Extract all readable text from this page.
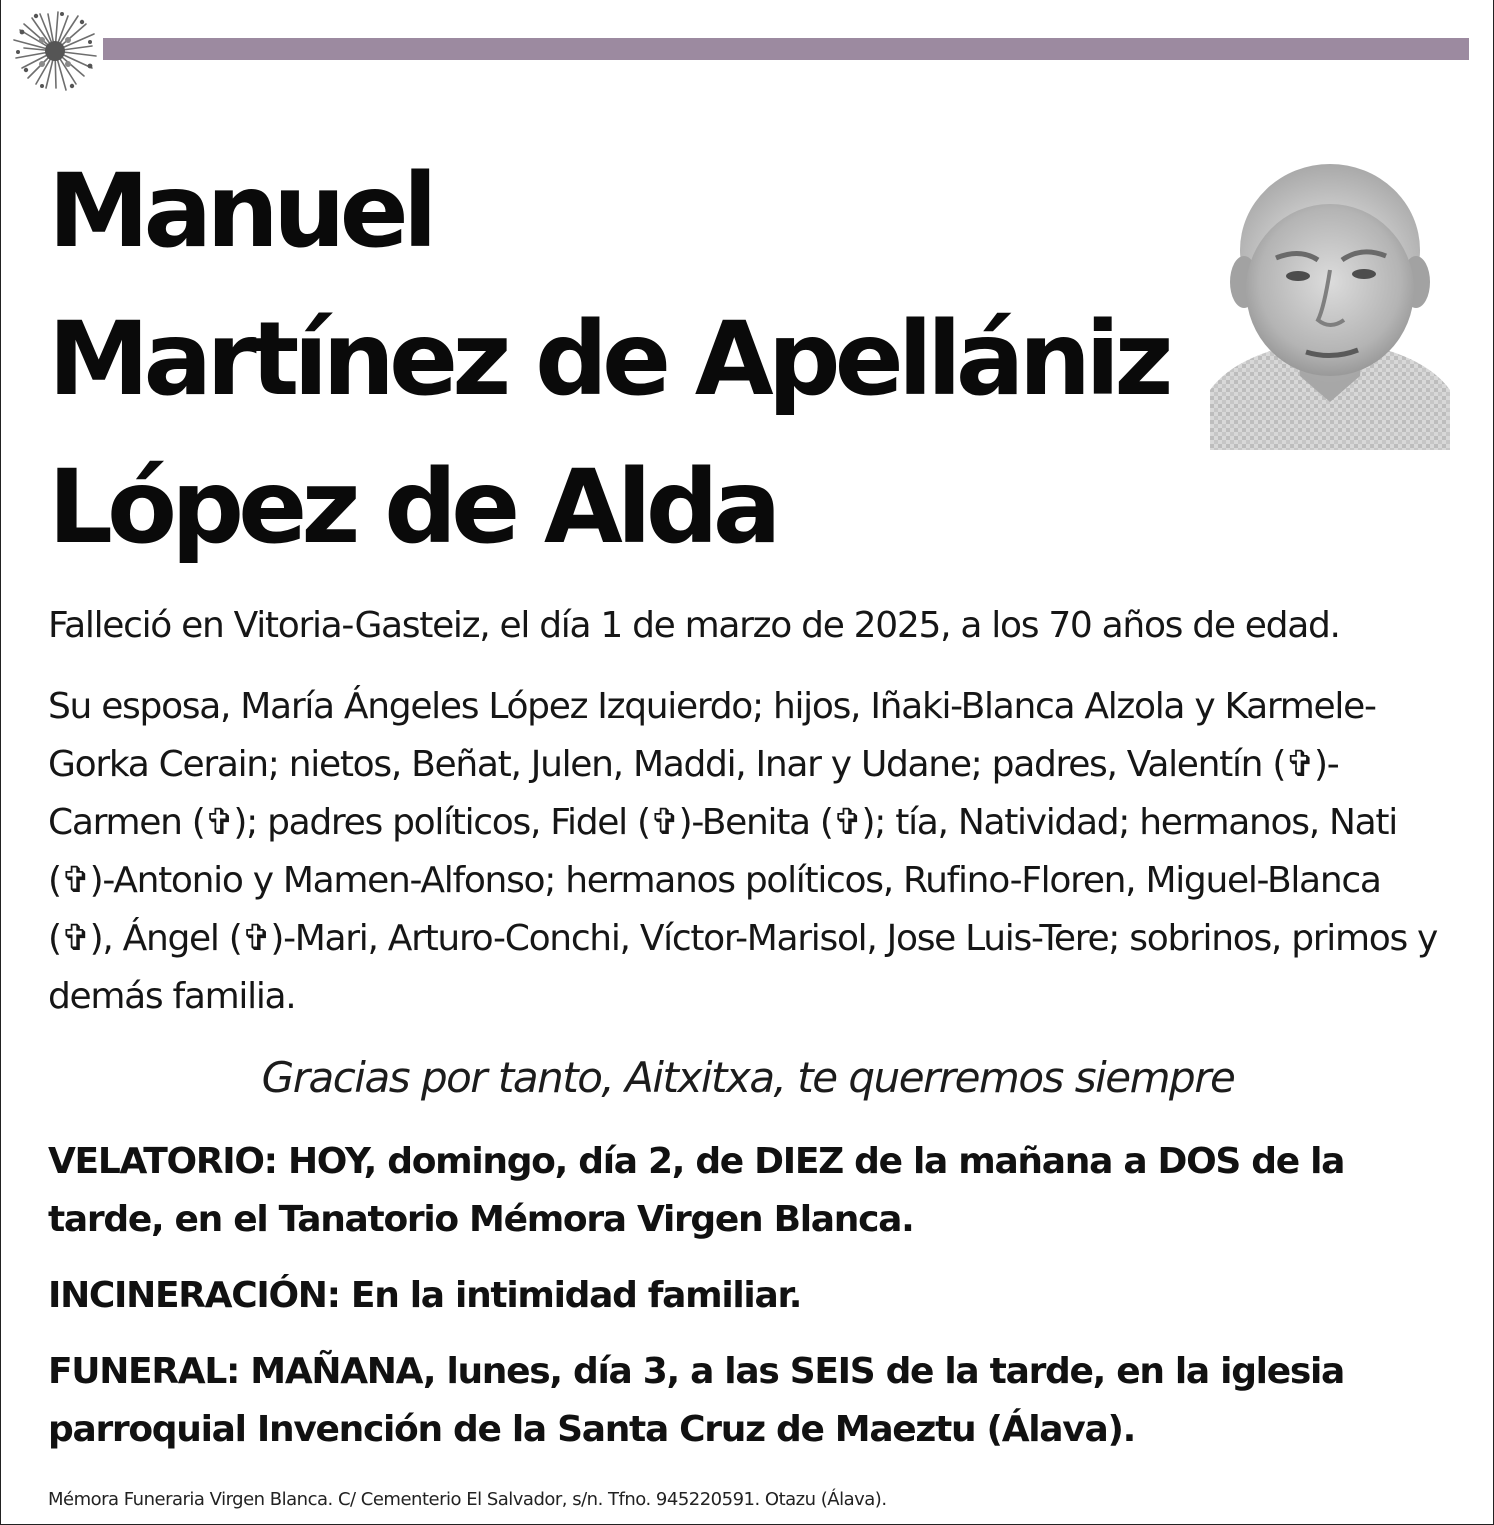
Manuel
Martínez de Apellániz
López de Alda
Falleció en Vitoria-Gasteiz, el día 1 de marzo de 2025, a los 70 años de edad.
Su esposa, María Ángeles López Izquierdo; hijos, Iñaki-Blanca Alzola y Karmele-Gorka Cerain; nietos, Beñat, Julen, Maddi, Inar y Udane; padres, Valentín (✞)-Carmen (✞); padres políticos, Fidel (✞)-Benita (✞); tía, Natividad; hermanos, Nati (✞)-Antonio y Mamen-Alfonso; hermanos políticos, Rufino-Floren, Miguel-Blanca (✞), Ángel (✞)-Mari, Arturo-Conchi, Víctor-Marisol, Jose Luis-Tere; sobrinos, primos y demás familia.
Gracias por tanto, Aitxitxa, te querremos siempre
VELATORIO: HOY, domingo, día 2, de DIEZ de la mañana a DOS de la tarde, en el Tanatorio Mémora Virgen Blanca.
INCINERACIÓN: En la intimidad familiar.
FUNERAL: MAÑANA, lunes, día 3, a las SEIS de la tarde, en la iglesia parroquial Invención de la Santa Cruz de Maeztu (Álava).
Mémora Funeraria Virgen Blanca. C/ Cementerio El Salvador, s/n. Tfno. 945220591. Otazu (Álava).
